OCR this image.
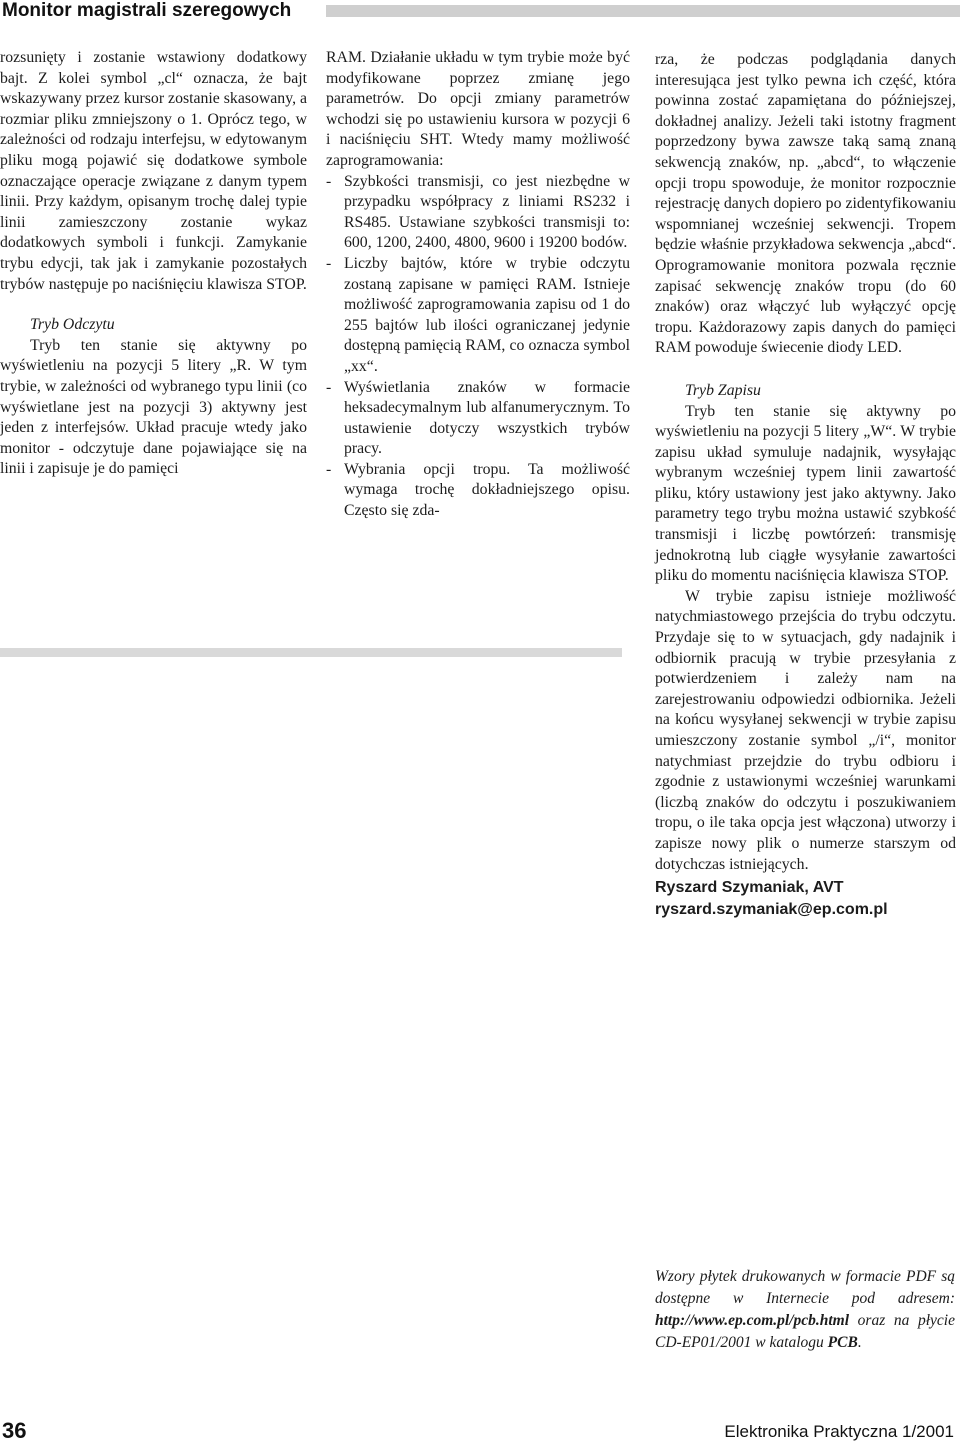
Monitor magistrali szeregowych

rozsunięty i zostanie wstawiony dodatkowy bajt. Z kolei symbol „cl“ oznacza, że bajt wskazywany przez kursor zostanie skasowany, a rozmiar pliku zmniejszony o 1. Oprócz tego, w zależności od rodzaju interfejsu, w edytowanym pliku mogą pojawić się dodatkowe symbole oznaczające operacje związane z danym typem linii. Przy każdym, opisanym trochę dalej typie linii zamieszczony zostanie wykaz dodatkowych symboli i funkcji. Zamykanie trybu edycji, tak jak i zamykanie pozostałych trybów następuje po naciśnięciu klawisza STOP.

Tryb Odczytu

Tryb ten stanie się aktywny po wyświetleniu na pozycji 5 litery „R. W tym trybie, w zależności od wybranego typu linii (co wyświetlane jest na pozycji 3) aktywny jest jeden z interfejsów. Układ pracuje wtedy jako monitor - odczytuje dane pojawiające się na linii i zapisuje je do pamięci

RAM. Działanie układu w tym trybie może być modyfikowane poprzez zmianę jego parametrów. Do opcji zmiany parametrów wchodzi się po ustawieniu kursora w pozycji 6 i naciśnięciu SHT. Wtedy mamy możliwość zaprogramowania:

- Szybkości transmisji, co jest niezbędne w przypadku współpracy z liniami RS232 i RS485. Ustawiane szybkości transmisji to: 600, 1200, 2400, 4800, 9600 i 19200 bodów.
- Liczby bajtów, które w trybie odczytu zostaną zapisane w pamięci RAM. Istnieje możliwość zaprogramowania zapisu od 1 do 255 bajtów lub ilości ograniczanej jedynie dostępną pamięcią RAM, co oznacza symbol „xx“.
- Wyświetlania znaków w formacie heksadecymalnym lub alfanumerycznym. To ustawienie dotyczy wszystkich trybów pracy.
- Wybrania opcji tropu. Ta możliwość wymaga trochę dokładniejszego opisu. Często się zda-

rza, że podczas podglądania danych interesująca jest tylko pewna ich część, która powinna zostać zapamiętana do późniejszej, dokładnej analizy. Jeżeli taki istotny fragment poprzedzony bywa zawsze taką samą znaną sekwencją znaków, np. „abcd“, to włączenie opcji tropu spowoduje, że monitor rozpocznie rejestrację danych dopiero po zidentyfikowaniu wspomnianej wcześniej sekwencji. Tropem będzie właśnie przykładowa sekwencja „abcd“. Oprogramowanie monitora pozwala ręcznie zapisać sekwencję znaków tropu (do 60 znaków) oraz włączyć lub wyłączyć opcję tropu. Każdorazowy zapis danych do pamięci RAM powoduje świecenie diody LED.

Tryb Zapisu

Tryb ten stanie się aktywny po wyświetleniu na pozycji 5 litery „W“. W trybie zapisu układ symuluje nadajnik, wysyłając wybranym wcześniej typem linii zawartość pliku, który ustawiony jest jako aktywny. Jako parametry tego trybu można ustawić szybkość transmisji i liczbę powtórzeń: transmisję jednokrotną lub ciągłe wysyłanie zawartości pliku do momentu naciśnięcia klawisza STOP.

W trybie zapisu istnieje możliwość natychmiastowego przejścia do trybu odczytu. Przydaje się to w sytuacjach, gdy nadajnik i odbiornik pracują w trybie przesyłania z potwierdzeniem i zależy nam na zarejestrowaniu odpowiedzi odbiornika. Jeżeli na końcu wysyłanej sekwencji w trybie zapisu umieszczony zostanie symbol „/i“, monitor natychmiast przejdzie do trybu odbioru i zgodnie z ustawionymi wcześniej warunkami (liczbą znaków do odczytu i poszukiwaniem tropu, o ile taka opcja jest włączona) utworzy i zapisze nowy plik o numerze starszym od dotychczas istniejących.

Ryszard Szymaniak, AVT

ryszard.szymaniak@ep.com.pl

Wzory płytek drukowanych w formacie PDF są dostępne w Internecie pod adresem: http://www.ep.com.pl/pcb.html oraz na płycie CD-EP01/2001 w katalogu PCB.
36	Elektronika Praktyczna 1/2001
